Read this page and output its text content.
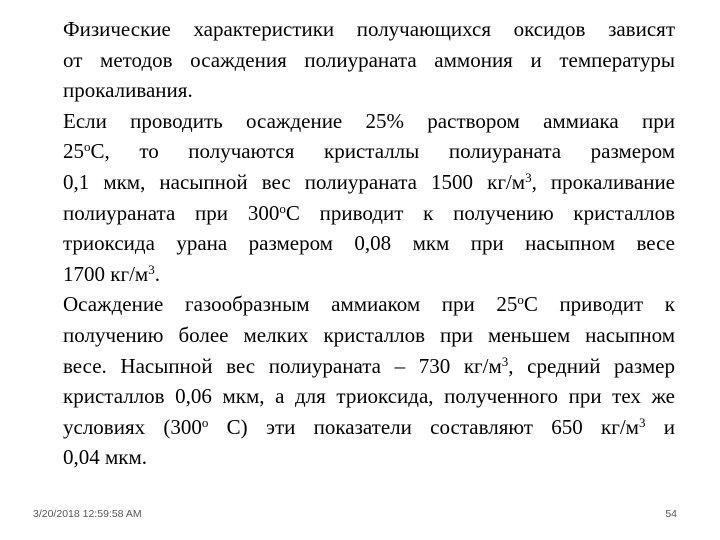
Физические характеристики получающихся оксидов зависят
от методов осаждения полиураната аммония и температуры
прокаливания.

Если проводить осаждение 25% раствором аммиака при
$25^оС$, то получаются кристаллы полиураната размером
0,1 мкм, насыпной вес полиураната 1500 $кг/м^3$, прокаливание
полиураната при $300^оС$ приводит к получению кристаллов
триоксида урана размером 0,08 мкм при насыпном весе
1700 $кг/м^3$.

Осаждение газообразным аммиаком при $25^оС$ приводит к
получению более мелких кристаллов при меньшем насыпном
весе. Насыпной вес полиураната – 730 $кг/м^3$, средний размер
кристаллов 0,06 мкм, а для триоксида, полученного при тех же
условиях ($300^о$ С) эти показатели составляют 650 $кг/м^3$ и
0,04 мкм.

3/20/2018 12:59:58 AM	54
